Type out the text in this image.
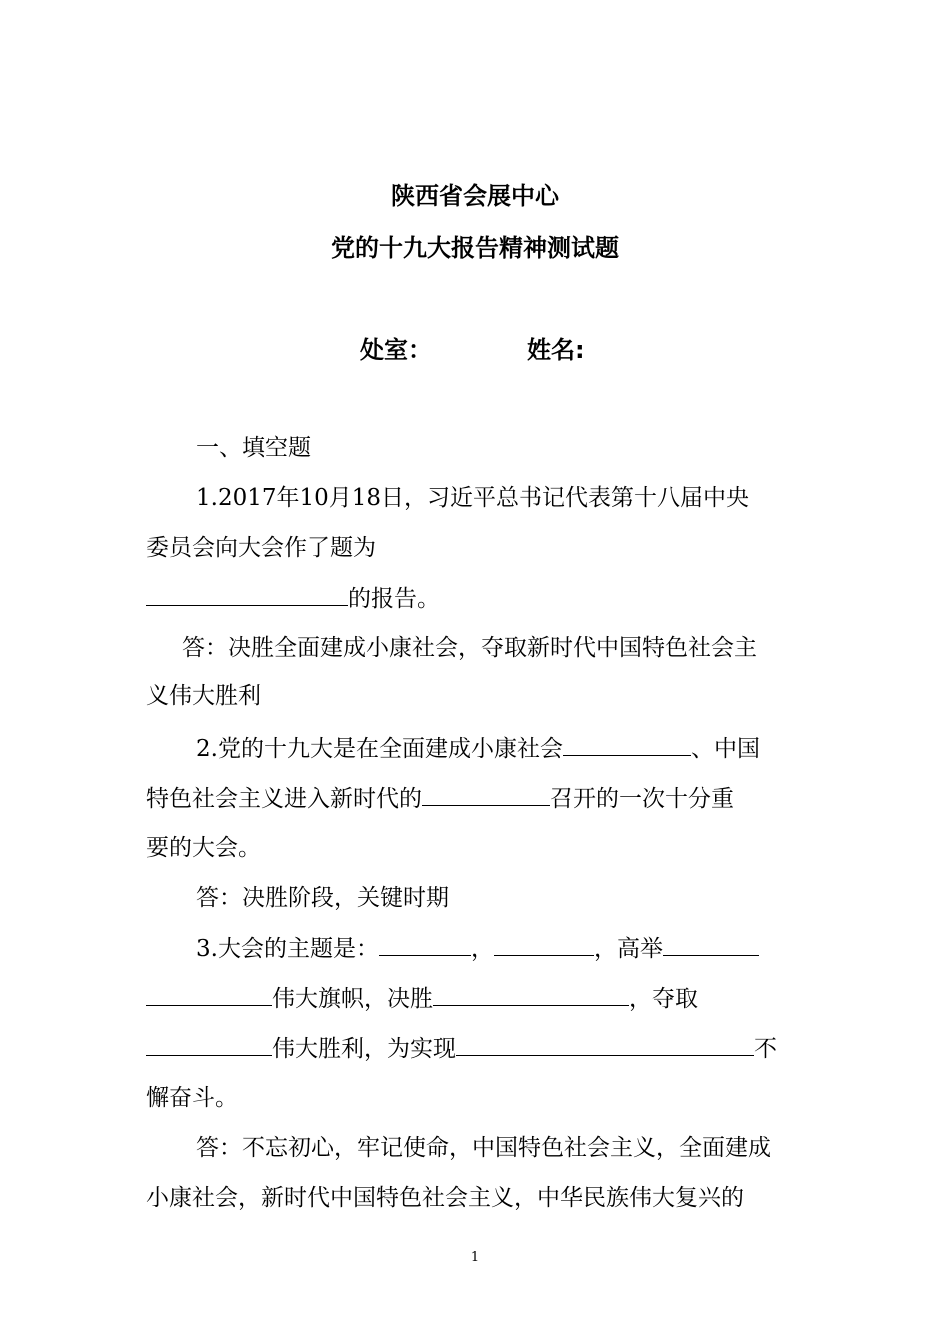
陕西省会展中心
党的十九大报告精神测试题
处室：	姓名:
一、填空题
1.2017年10月18日，习近平总书记代表第十八届中央
委员会向大会作了题为
的报告。
答：决胜全面建成小康社会，夺取新时代中国特色社会主
义伟大胜利
2.党的十九大是在全面建成小康社会	、中国
特色社会主义进入新时代的	召开的一次十分重
要的大会。
答：决胜阶段，关键时期
3.大会的主题是：	，	，高举
伟大旗帜，决胜	，夺取
伟大胜利，为实现	不
懈奋斗。
答：不忘初心，牢记使命，中国特色社会主义，全面建成
小康社会，新时代中国特色社会主义，中华民族伟大复兴的
1
